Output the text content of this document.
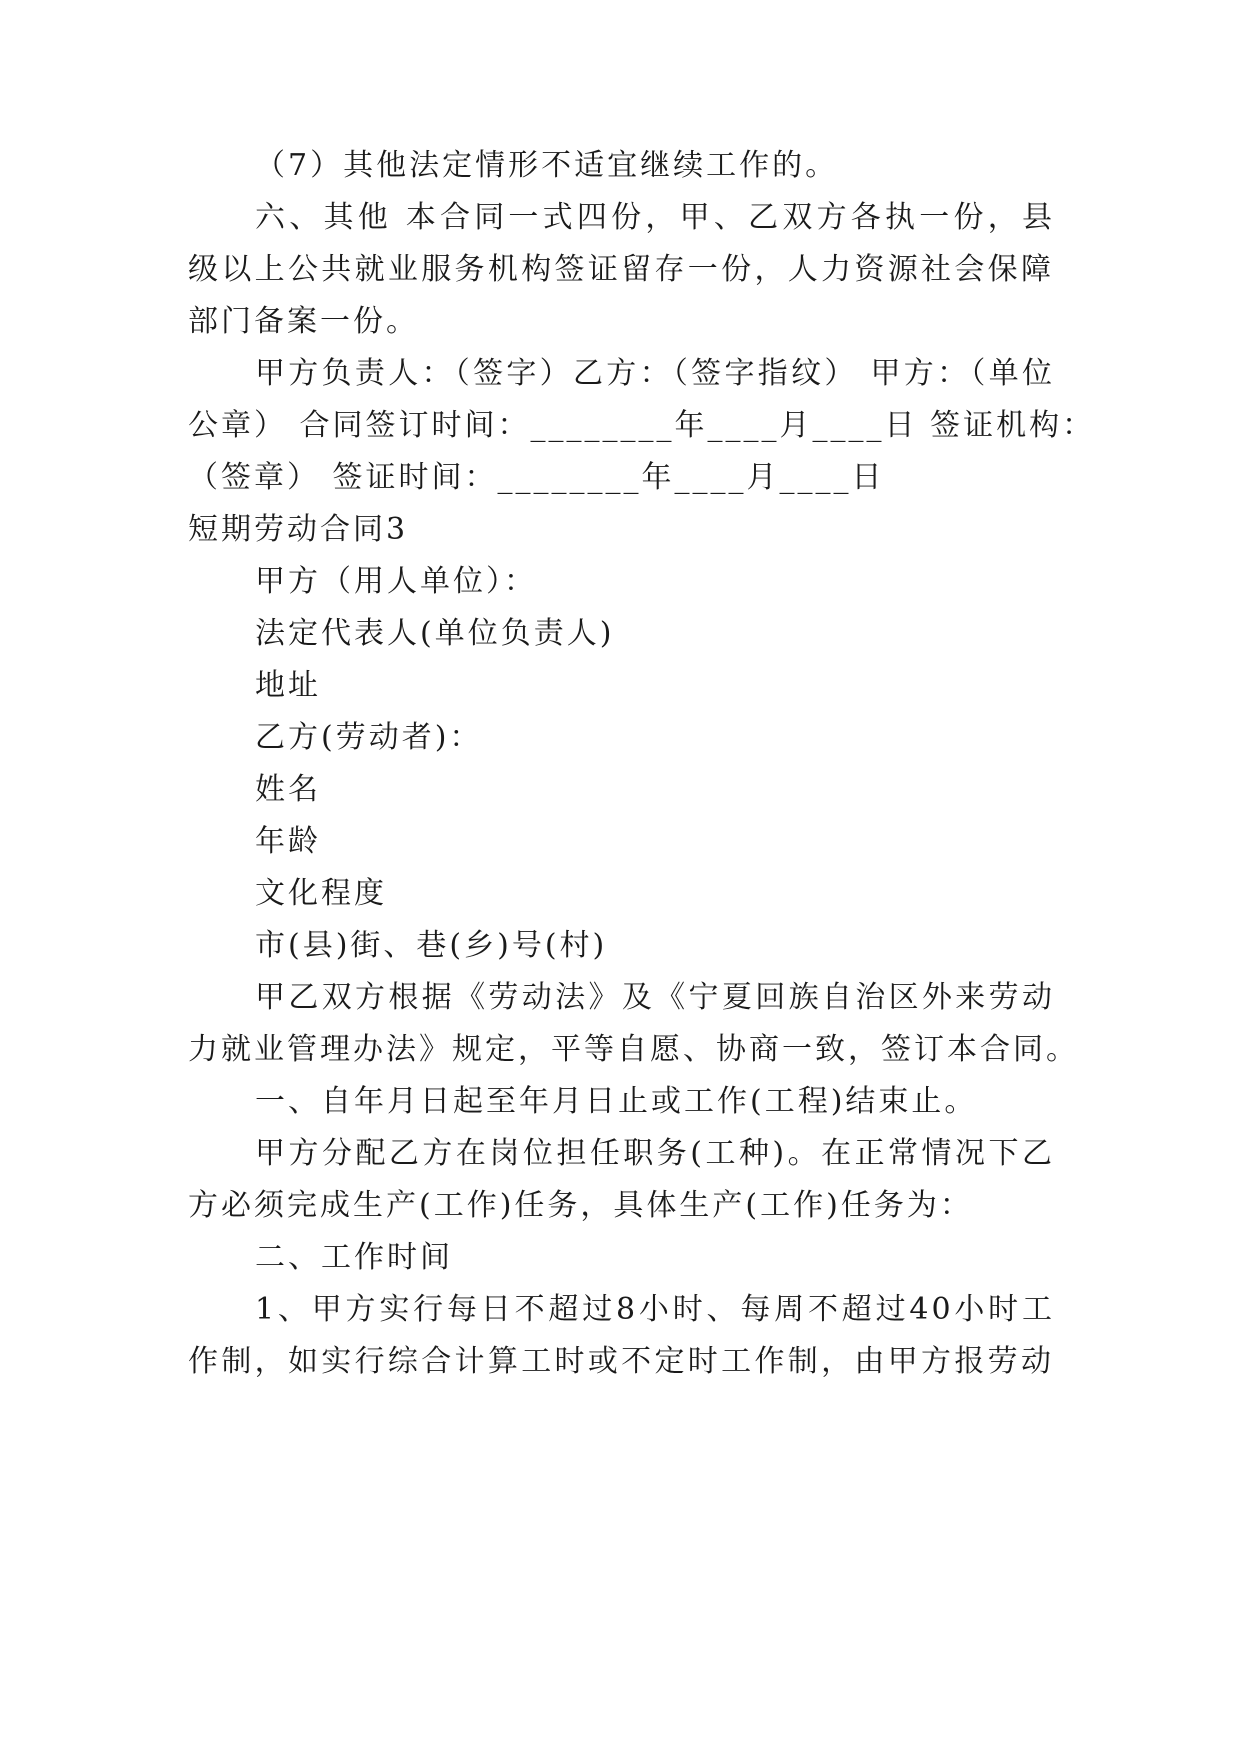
（7）其他法定情形不适宜继续工作的。
六、其他 本合同一式四份，甲、乙双方各执一份，县
级以上公共就业服务机构签证留存一份，人力资源社会保障
部门备案一份。
甲方负责人：（签字）乙方：（签字指纹） 甲方：（单位
公章） 合同签订时间：________年____月____日 签证机构：
（签章） 签证时间：________年____月____日
短期劳动合同3
甲方（用人单位）：
法定代表人(单位负责人)
地址
乙方(劳动者)：
姓名
年龄
文化程度
市(县)街、巷(乡)号(村)
甲乙双方根据《劳动法》及《宁夏回族自治区外来劳动
力就业管理办法》规定，平等自愿、协商一致，签订本合同。
一、自年月日起至年月日止或工作(工程)结束止。
甲方分配乙方在岗位担任职务(工种)。在正常情况下乙
方必须完成生产(工作)任务，具体生产(工作)任务为：
二、工作时间
1、甲方实行每日不超过8小时、每周不超过40小时工
作制，如实行综合计算工时或不定时工作制，由甲方报劳动
